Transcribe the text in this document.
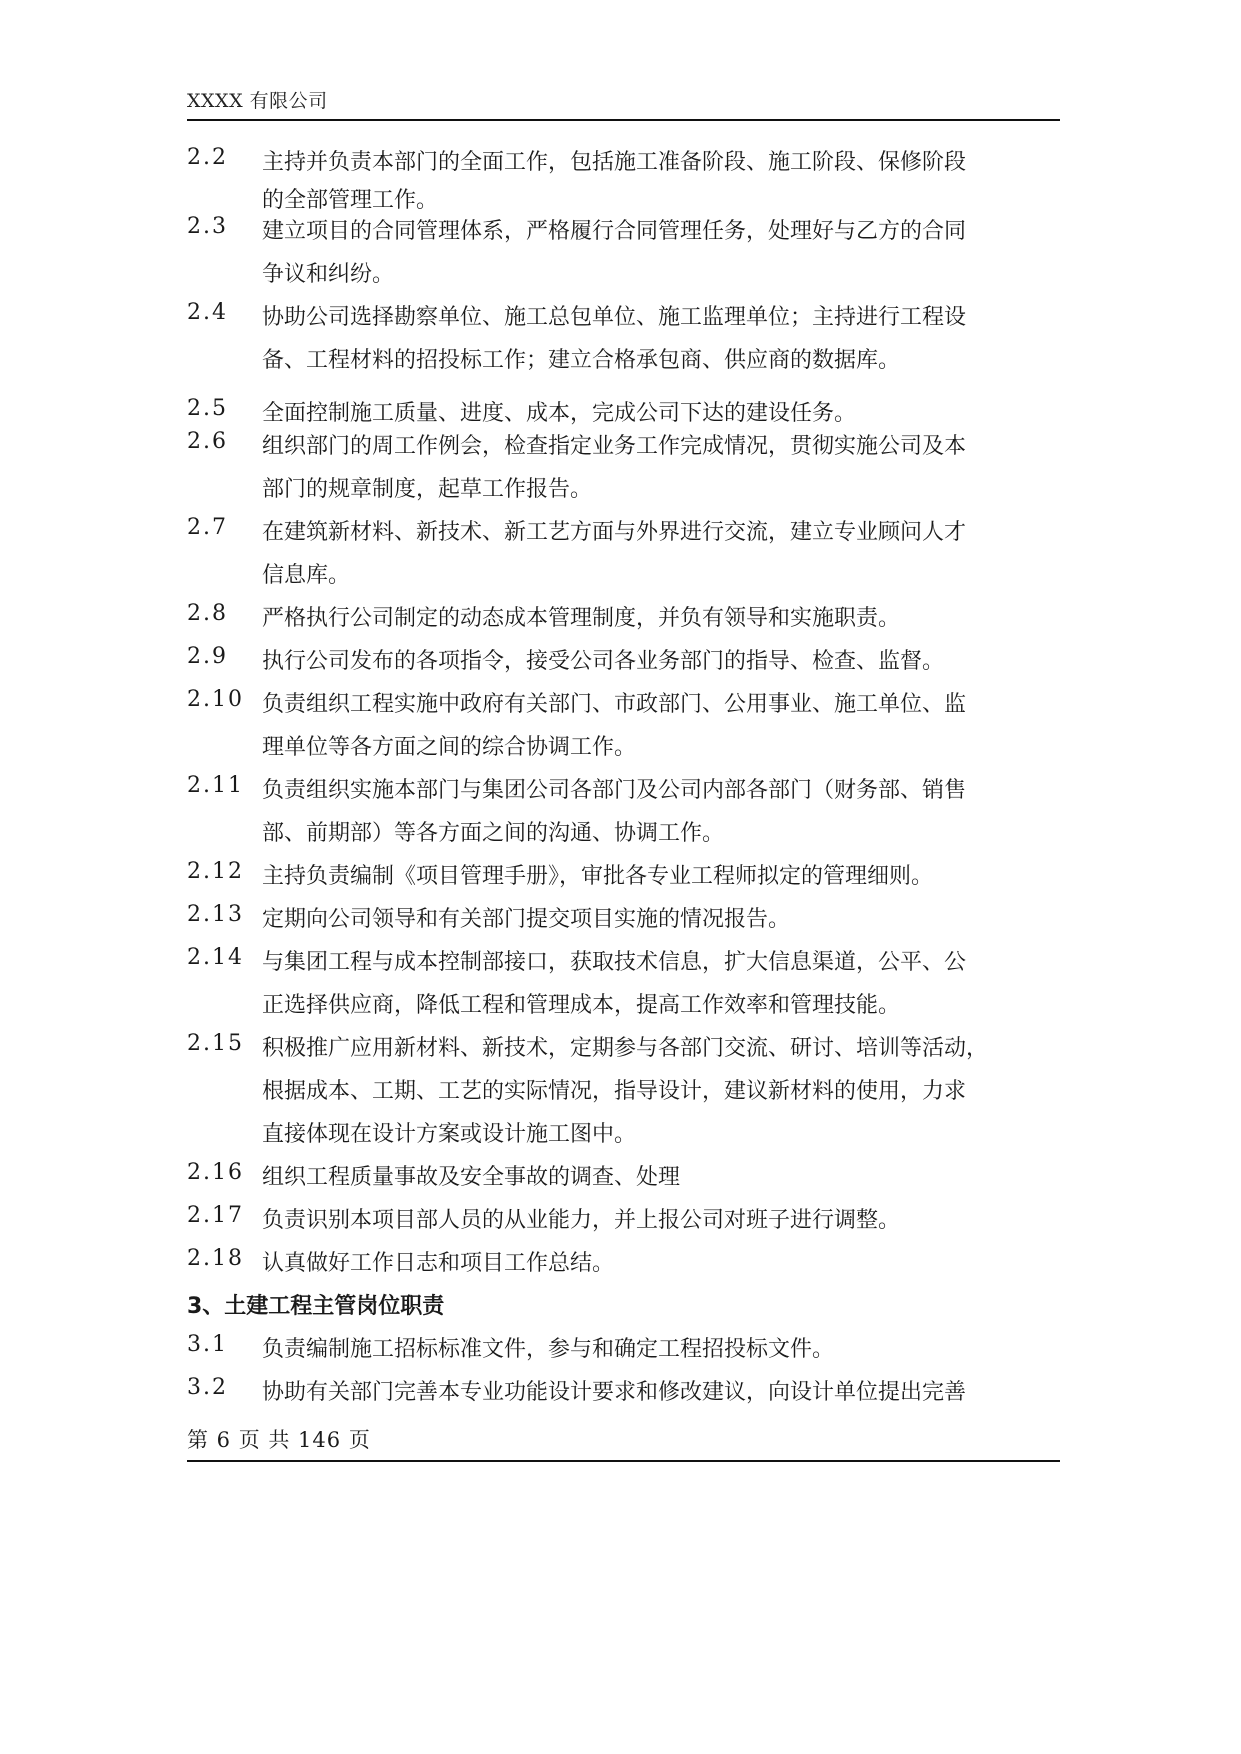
XXXX 有限公司
2.2	主持并负责本部门的全面工作，包括施工准备阶段、施工阶段、保修阶段
的全部管理工作。
2.3	建立项目的合同管理体系，严格履行合同管理任务，处理好与乙方的合同
争议和纠纷。
2.4	协助公司选择勘察单位、施工总包单位、施工监理单位；主持进行工程设
备、工程材料的招投标工作；建立合格承包商、供应商的数据库。
2.5	全面控制施工质量、进度、成本，完成公司下达的建设任务。
2.6	组织部门的周工作例会，检查指定业务工作完成情况，贯彻实施公司及本
部门的规章制度，起草工作报告。
2.7	在建筑新材料、新技术、新工艺方面与外界进行交流，建立专业顾问人才
信息库。
2.8	严格执行公司制定的动态成本管理制度，并负有领导和实施职责。
2.9	执行公司发布的各项指令，接受公司各业务部门的指导、检查、监督。
2.10 负责组织工程实施中政府有关部门、市政部门、公用事业、施工单位、监
理单位等各方面之间的综合协调工作。
2.11 负责组织实施本部门与集团公司各部门及公司内部各部门（财务部、销售
部、前期部）等各方面之间的沟通、协调工作。
2.12 主持负责编制《项目管理手册》，审批各专业工程师拟定的管理细则。
2.13 定期向公司领导和有关部门提交项目实施的情况报告。
2.14 与集团工程与成本控制部接口，获取技术信息，扩大信息渠道，公平、公
正选择供应商，降低工程和管理成本，提高工作效率和管理技能。
2.15 积极推广应用新材料、新技术，定期参与各部门交流、研讨、培训等活动，
根据成本、工期、工艺的实际情况，指导设计，建议新材料的使用，力求
直接体现在设计方案或设计施工图中。
2.16 组织工程质量事故及安全事故的调查、处理
2.17 负责识别本项目部人员的从业能力，并上报公司对班子进行调整。
2.18 认真做好工作日志和项目工作总结。
3、土建工程主管岗位职责
3.1	负责编制施工招标标准文件，参与和确定工程招投标文件。
3.2	协助有关部门完善本专业功能设计要求和修改建议，向设计单位提出完善
第 6 页 共 146 页
